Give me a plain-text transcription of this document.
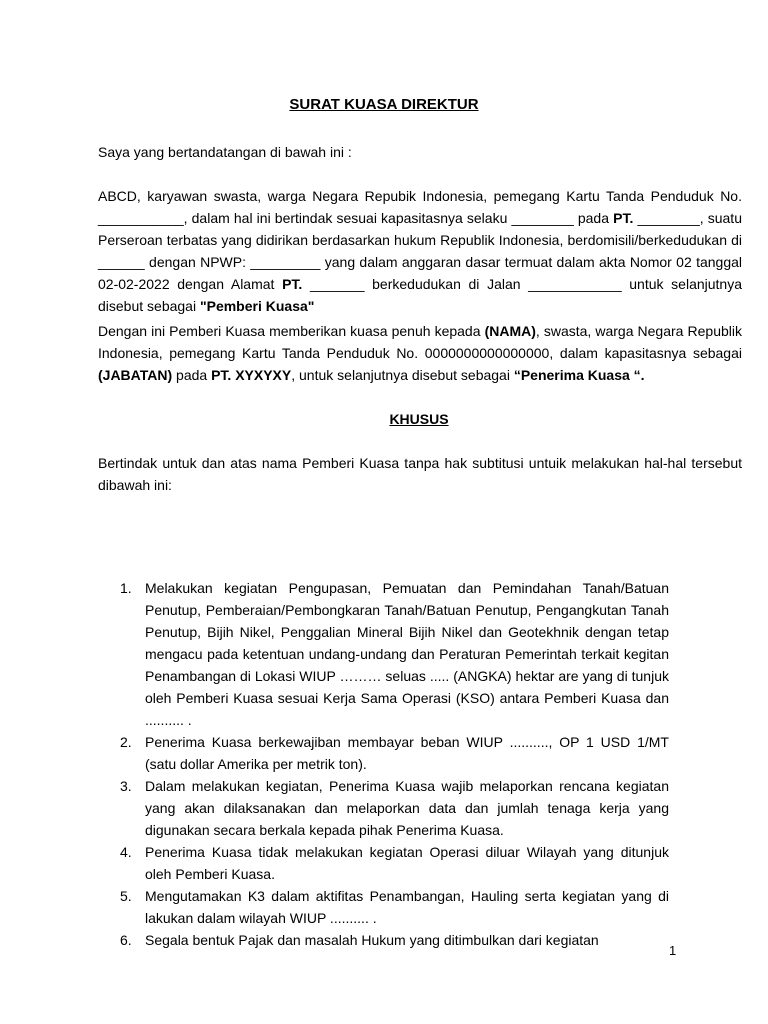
SURAT KUASA DIREKTUR
Saya yang bertandatangan di bawah ini :
ABCD, karyawan swasta, warga Negara Repubik Indonesia, pemegang Kartu Tanda Penduduk No. ___________, dalam hal ini bertindak sesuai kapasitasnya selaku ________ pada PT. ________, suatu Perseroan terbatas yang didirikan berdasarkan hukum Republik Indonesia, berdomisili/berkedudukan di ______ dengan NPWP: _________ yang dalam anggaran dasar termuat dalam akta Nomor 02 tanggal 02-02-2022 dengan Alamat PT. _______ berkedudukan di Jalan ____________ untuk selanjutnya disebut sebagai "Pemberi Kuasa"
Dengan ini Pemberi Kuasa memberikan kuasa penuh kepada (NAMA), swasta, warga Negara Republik Indonesia, pemegang Kartu Tanda Penduduk No. 0000000000000000, dalam kapasitasnya sebagai (JABATAN) pada PT. XYXYXY, untuk selanjutnya disebut sebagai “Penerima Kuasa “.
KHUSUS
Bertindak untuk dan atas nama Pemberi Kuasa tanpa hak subtitusi untuik melakukan hal-hal tersebut dibawah ini:
1. Melakukan kegiatan Pengupasan, Pemuatan dan Pemindahan Tanah/Batuan Penutup, Pemberaian/Pembongkaran Tanah/Batuan Penutup, Pengangkutan Tanah Penutup, Bijih Nikel, Penggalian Mineral Bijih Nikel dan Geotekhnik dengan tetap mengacu pada ketentuan undang-undang dan Peraturan Pemerintah terkait kegitan Penambangan di Lokasi WIUP ……… seluas ..... (ANGKA) hektar are yang di tunjuk oleh Pemberi Kuasa sesuai Kerja Sama Operasi (KSO) antara Pemberi Kuasa dan .......... .
2. Penerima Kuasa berkewajiban membayar beban WIUP .........., OP 1 USD 1/MT (satu dollar Amerika per metrik ton).
3. Dalam melakukan kegiatan, Penerima Kuasa wajib melaporkan rencana kegiatan yang akan dilaksanakan dan melaporkan data dan jumlah tenaga kerja yang digunakan secara berkala kepada pihak Penerima Kuasa.
4. Penerima Kuasa tidak melakukan kegiatan Operasi diluar Wilayah yang ditunjuk oleh Pemberi Kuasa.
5. Mengutamakan K3 dalam aktifitas Penambangan, Hauling serta kegiatan yang di lakukan dalam wilayah WIUP .......... .
6. Segala bentuk Pajak dan masalah Hukum yang ditimbulkan dari kegiatan
1
